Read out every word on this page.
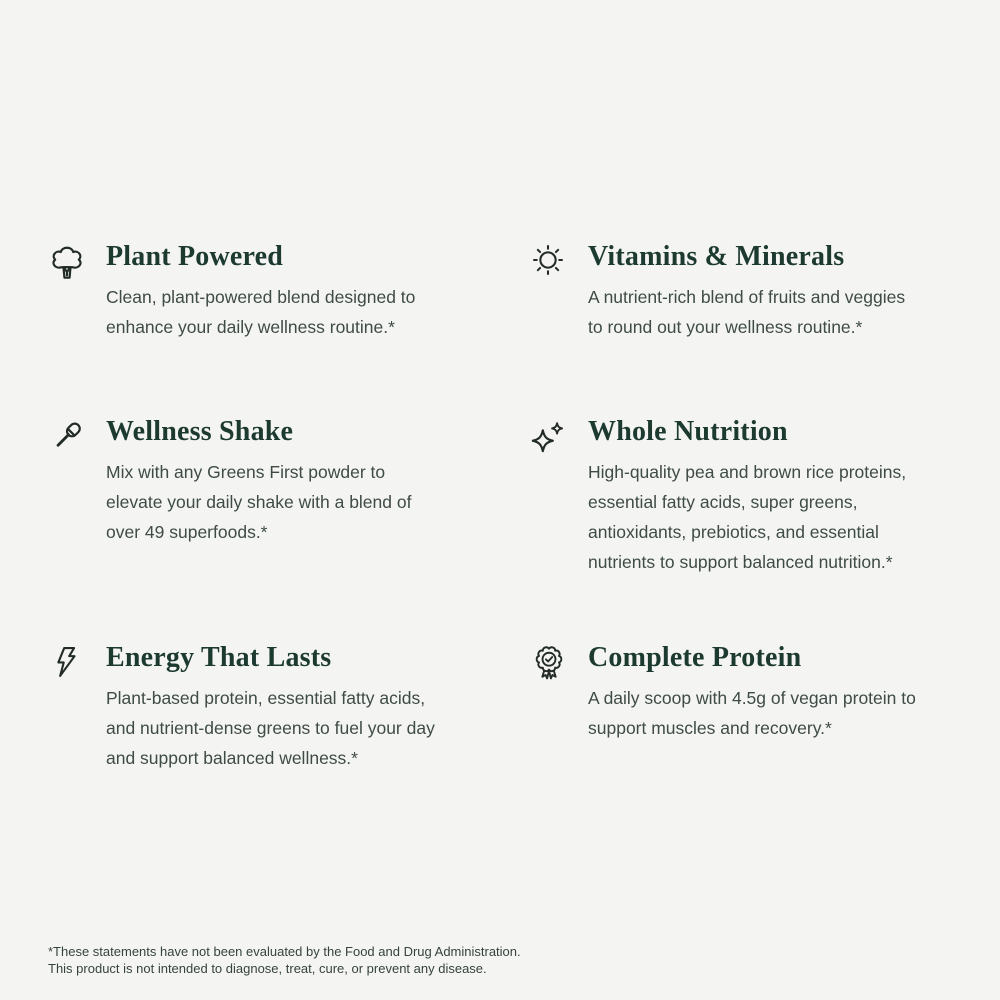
Plant Powered

Clean, plant-powered blend designed to
enhance your daily wellness routine.*

Vitamins & Minerals

A nutrient-rich blend of fruits and veggies
to round out your wellness routine.*

Wellness Shake

Mix with any Greens First powder to
elevate your daily shake with a blend of
over 49 superfoods.*

Whole Nutrition

High-quality pea and brown rice proteins,
essential fatty acids, super greens,
antioxidants, prebiotics, and essential
nutrients to support balanced nutrition.*

Energy That Lasts

Plant-based protein, essential fatty acids,
and nutrient-dense greens to fuel your day
and support balanced wellness.*

Complete Protein

A daily scoop with 4.5g of vegan protein to
support muscles and recovery.*

*These statements have not been evaluated by the Food and Drug Administration.
This product is not intended to diagnose, treat, cure, or prevent any disease.
